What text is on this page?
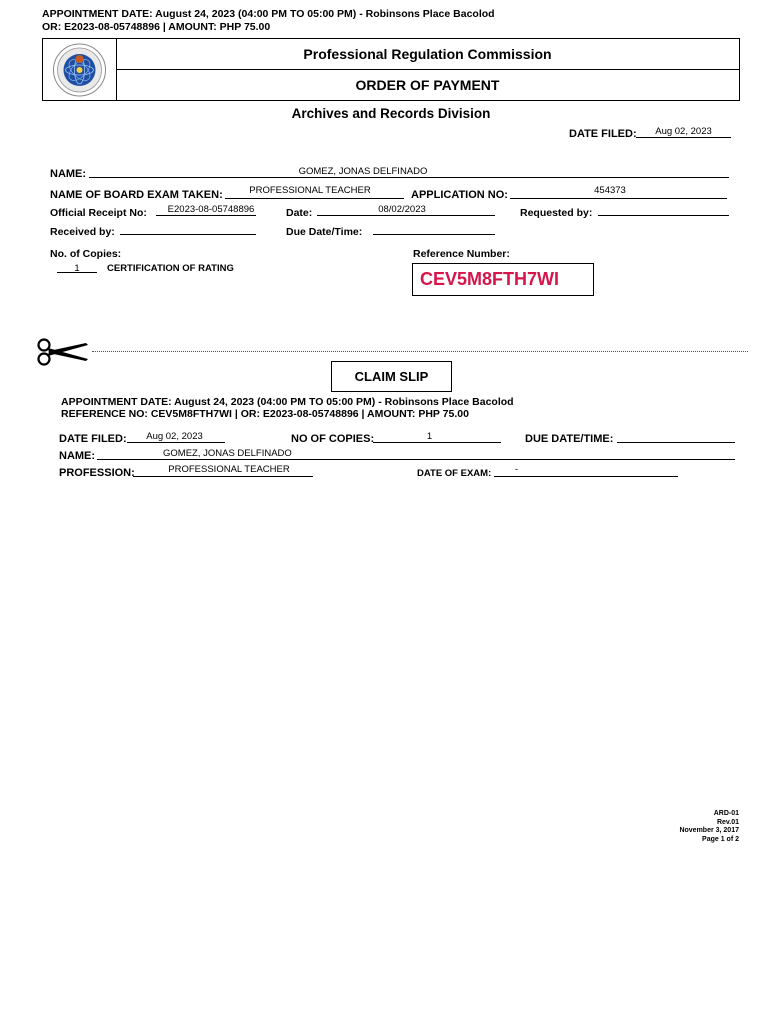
APPOINTMENT DATE: August 24, 2023 (04:00 PM TO 05:00 PM) - Robinsons Place Bacolod
OR: E2023-08-05748896 | AMOUNT: PHP 75.00
Professional Regulation Commission
ORDER OF PAYMENT
Archives and Records Division
DATE FILED:	Aug 02, 2023
NAME:	GOMEZ, JONAS DELFINADO
NAME OF BOARD EXAM TAKEN:	PROFESSIONAL TEACHER	APPLICATION NO:	454373
Official Receipt No:	E2023-08-05748896	Date:	08/02/2023	Requested by:
Received by:	Due Date/Time:
No. of Copies:
1	CERTIFICATION OF RATING
Reference Number:
CEV5M8FTH7WI
CLAIM SLIP
APPOINTMENT DATE: August 24, 2023 (04:00 PM TO 05:00 PM) - Robinsons Place Bacolod
REFERENCE NO: CEV5M8FTH7WI | OR: E2023-08-05748896 | AMOUNT: PHP 75.00
DATE FILED:	Aug 02, 2023	NO OF COPIES:	1	DUE DATE/TIME:
NAME:	GOMEZ, JONAS DELFINADO
PROFESSION:	PROFESSIONAL TEACHER	DATE OF EXAM:	-
ARD-01
Rev.01
November 3, 2017
Page 1 of 2
